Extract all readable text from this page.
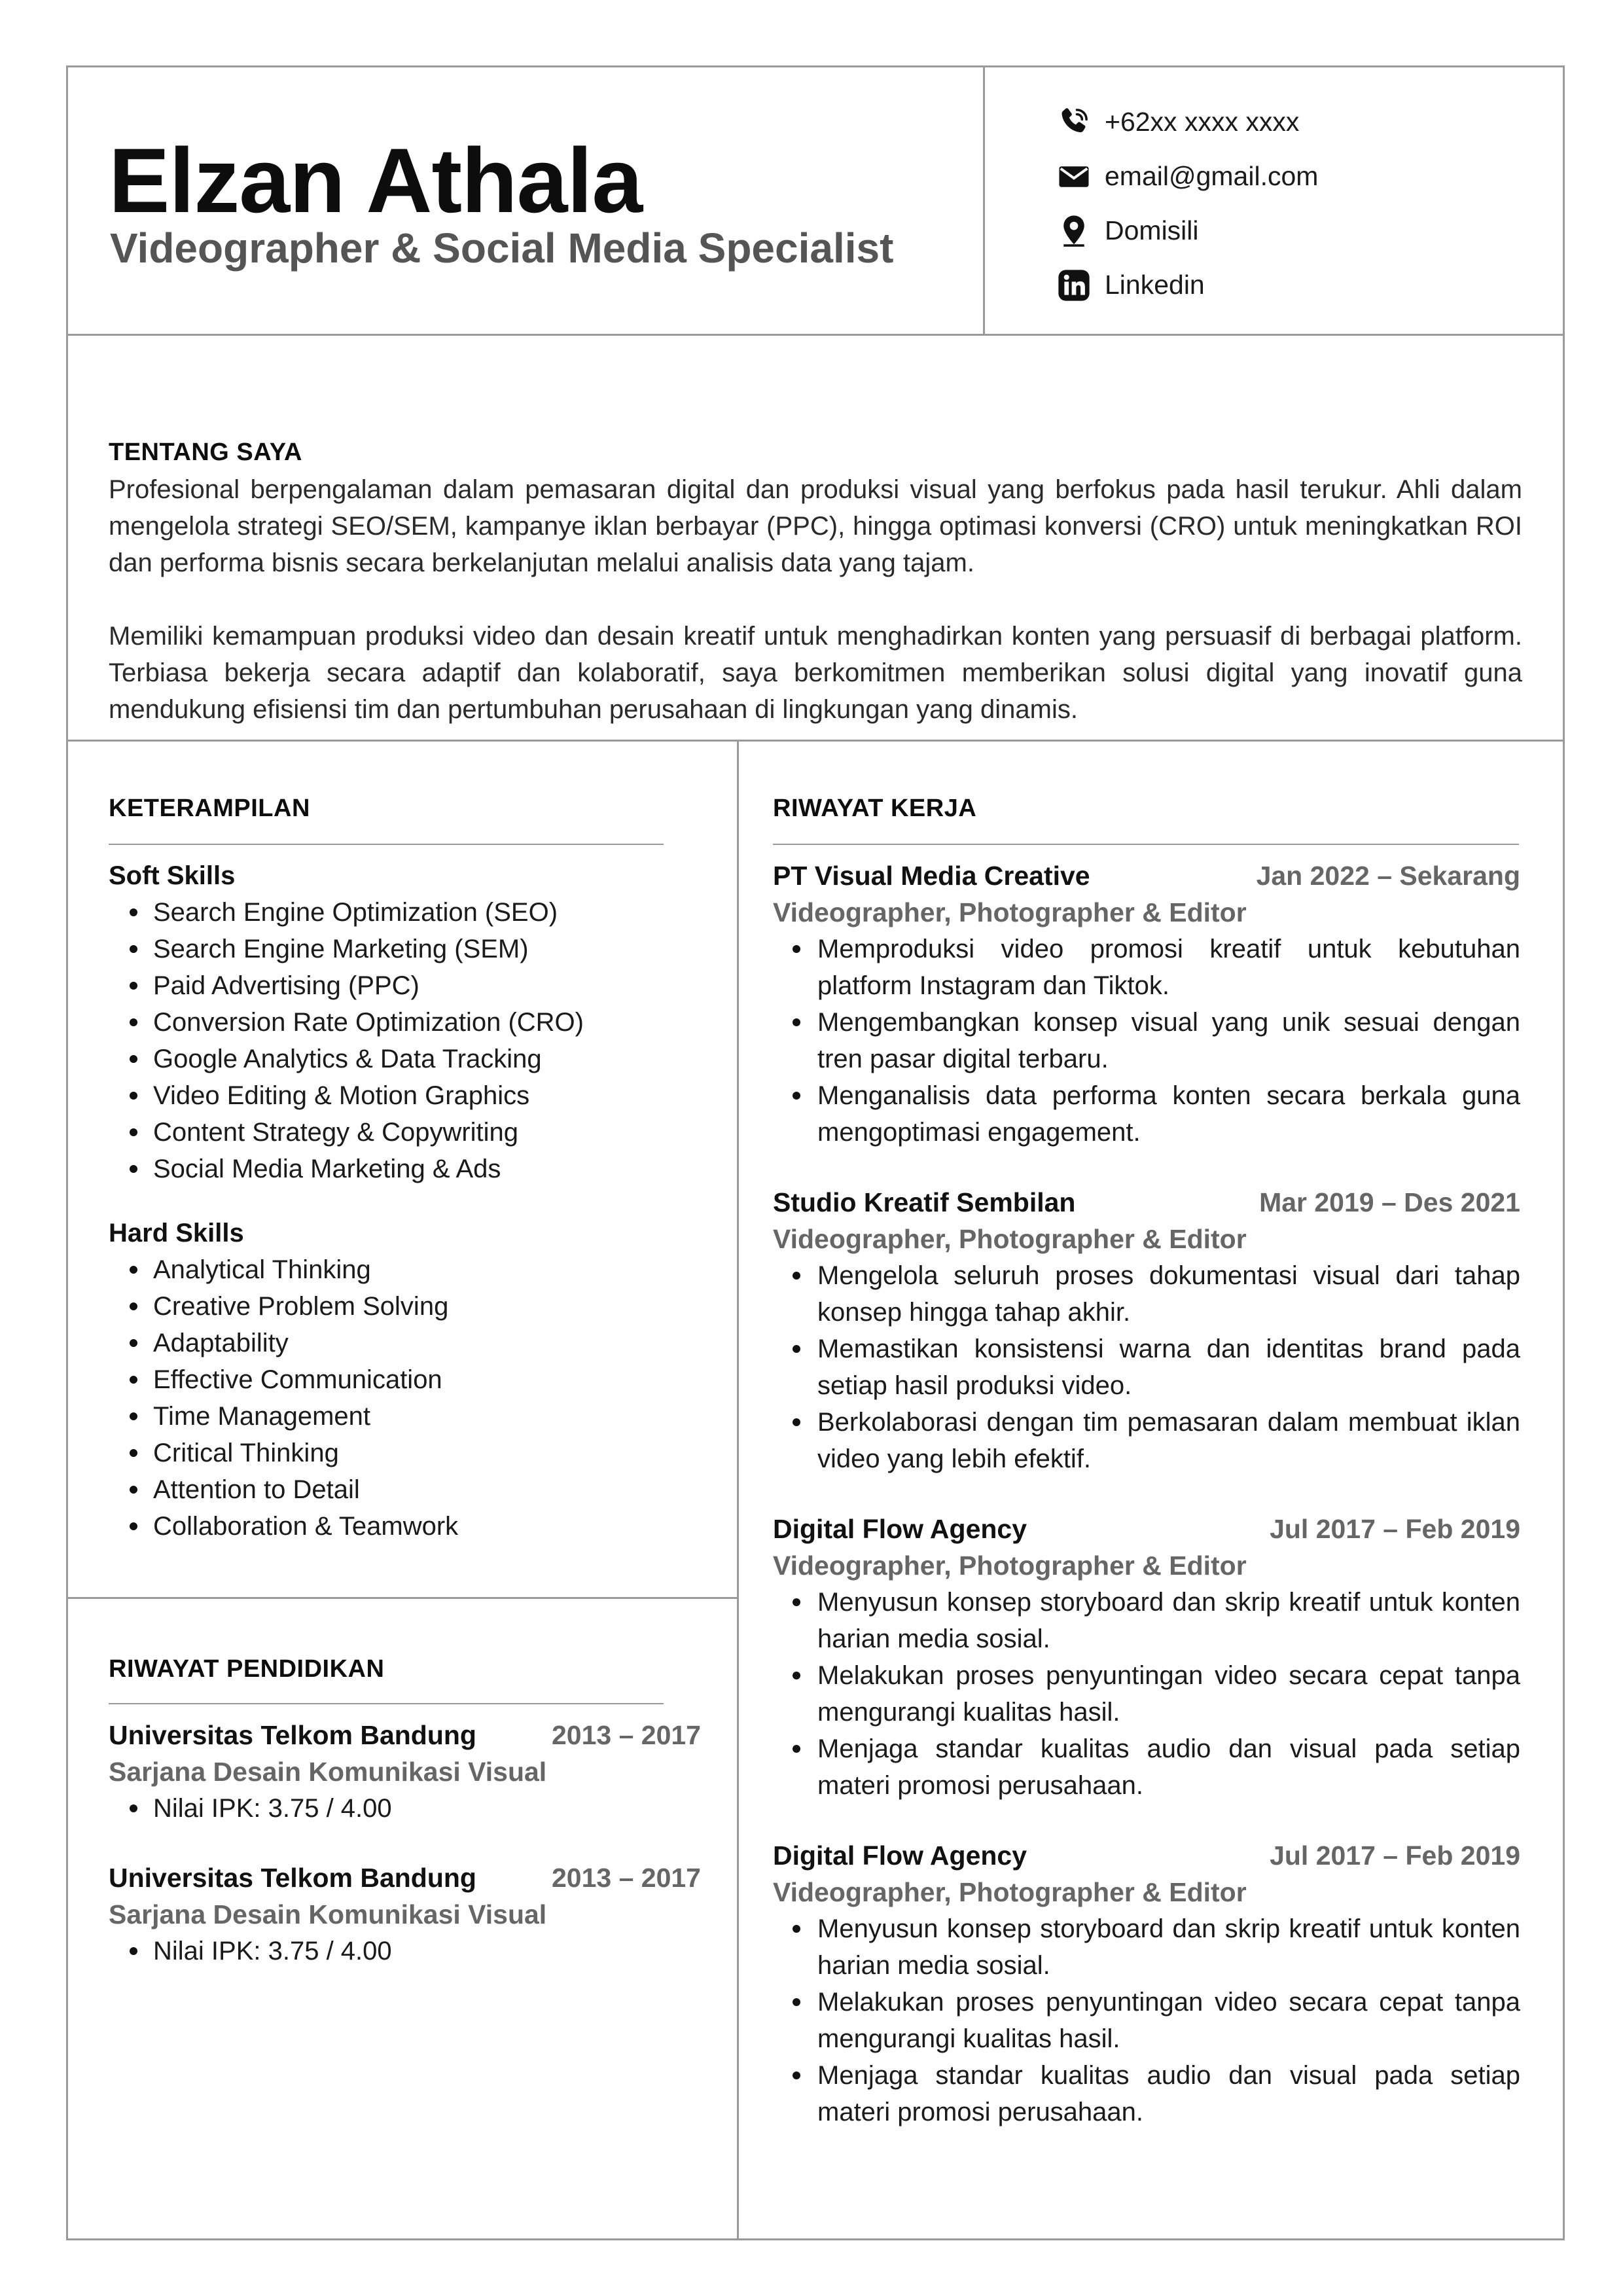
Elzan Athala
Videographer & Social Media Specialist
+62xx xxxx xxxx
email@gmail.com
Domisili
Linkedin
TENTANG SAYA

Profesional berpengalaman dalam pemasaran digital dan produksi visual yang berfokus pada hasil terukur. Ahli dalam mengelola strategi SEO/SEM, kampanye iklan berbayar (PPC), hingga optimasi konversi (CRO) untuk meningkatkan ROI dan performa bisnis secara berkelanjutan melalui analisis data yang tajam.

Memiliki kemampuan produksi video dan desain kreatif untuk menghadirkan konten yang persuasif di berbagai platform. Terbiasa bekerja secara adaptif dan kolaboratif, saya berkomitmen memberikan solusi digital yang inovatif guna mendukung efisiensi tim dan pertumbuhan perusahaan di lingkungan yang dinamis.

KETERAMPILAN
Soft Skills
Search Engine Optimization (SEO)
Search Engine Marketing (SEM)
Paid Advertising (PPC)
Conversion Rate Optimization (CRO)
Google Analytics & Data Tracking
Video Editing & Motion Graphics
Content Strategy & Copywriting
Social Media Marketing & Ads
Hard Skills
Analytical Thinking
Creative Problem Solving
Adaptability
Effective Communication
Time Management
Critical Thinking
Attention to Detail
Collaboration & Teamwork
RIWAYAT PENDIDIKAN
Universitas Telkom Bandung	2013 – 2017
Sarjana Desain Komunikasi Visual
Nilai IPK: 3.75 / 4.00
Universitas Telkom Bandung	2013 – 2017
Sarjana Desain Komunikasi Visual
Nilai IPK: 3.75 / 4.00
RIWAYAT KERJA
PT Visual Media Creative	Jan 2022 – Sekarang
Videographer, Photographer & Editor
Memproduksi video promosi kreatif untuk kebutuhan platform Instagram dan Tiktok.
Mengembangkan konsep visual yang unik sesuai dengan tren pasar digital terbaru.
Menganalisis data performa konten secara berkala guna mengoptimasi engagement.
Studio Kreatif Sembilan	Mar 2019 – Des 2021
Videographer, Photographer & Editor
Mengelola seluruh proses dokumentasi visual dari tahap konsep hingga tahap akhir.
Memastikan konsistensi warna dan identitas brand pada setiap hasil produksi video.
Berkolaborasi dengan tim pemasaran dalam membuat iklan video yang lebih efektif.
Digital Flow Agency	Jul 2017 – Feb 2019
Videographer, Photographer & Editor
Menyusun konsep storyboard dan skrip kreatif untuk konten harian media sosial.
Melakukan proses penyuntingan video secara cepat tanpa mengurangi kualitas hasil.
Menjaga standar kualitas audio dan visual pada setiap materi promosi perusahaan.
Digital Flow Agency	Jul 2017 – Feb 2019
Videographer, Photographer & Editor
Menyusun konsep storyboard dan skrip kreatif untuk konten harian media sosial.
Melakukan proses penyuntingan video secara cepat tanpa mengurangi kualitas hasil.
Menjaga standar kualitas audio dan visual pada setiap materi promosi perusahaan.
